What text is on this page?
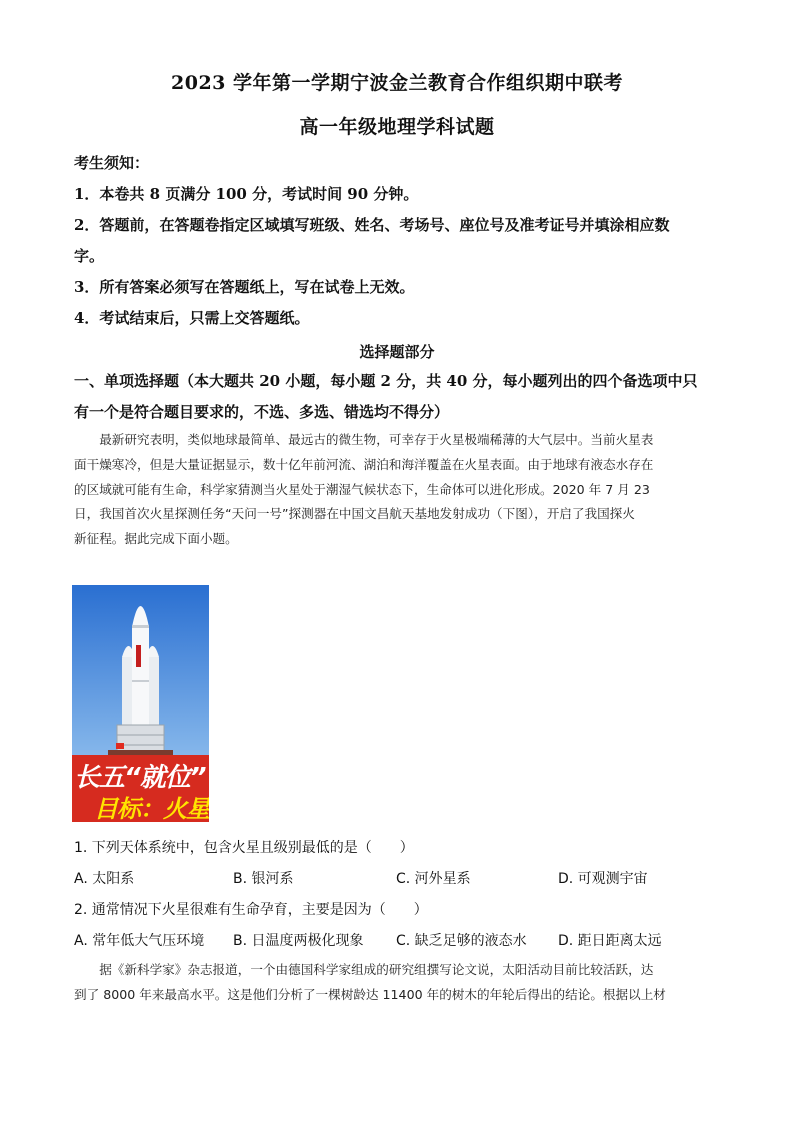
2023 学年第一学期宁波金兰教育合作组织期中联考
高一年级地理学科试题
考生须知：
1．本卷共 8 页满分 100 分，考试时间 90 分钟。
2．答题前，在答题卷指定区域填写班级、姓名、考场号、座位号及准考证号并填涂相应数
字。
3．所有答案必须写在答题纸上，写在试卷上无效。
4．考试结束后，只需上交答题纸。
选择题部分
一、单项选择题（本大题共 20 小题，每小题 2 分，共 40 分，每小题列出的四个备选项中只
有一个是符合题目要求的，不选、多选、错选均不得分）
　　最新研究表明，类似地球最简单、最远古的微生物，可幸存于火星极端稀薄的大气层中。当前火星表
面干燥寒冷，但是大量证据显示，数十亿年前河流、湖泊和海洋覆盖在火星表面。由于地球有液态水存在
的区域就可能有生命，科学家猜测当火星处于潮湿气候状态下，生命体可以进化形成。2020 年 7 月 23
日，我国首次火星探测任务“天问一号”探测器在中国文昌航天基地发射成功（下图），开启了我国探火
新征程。据此完成下面小题。
长五“就位”
目标：火星
1. 下列天体系统中，包含火星且级别最低的是（　　）
A. 太阳系	B. 银河系	C. 河外星系	D. 可观测宇宙
2. 通常情况下火星很难有生命孕育，主要是因为（　　）
A. 常年低大气压环境 B. 日温度两极化现象 C. 缺乏足够的液态水 D. 距日距离太远
　　据《新科学家》杂志报道，一个由德国科学家组成的研究组撰写论文说，太阳活动目前比较活跃，达
到了 8000 年来最高水平。这是他们分析了一棵树龄达 11400 年的树木的年轮后得出的结论。根据以上材
